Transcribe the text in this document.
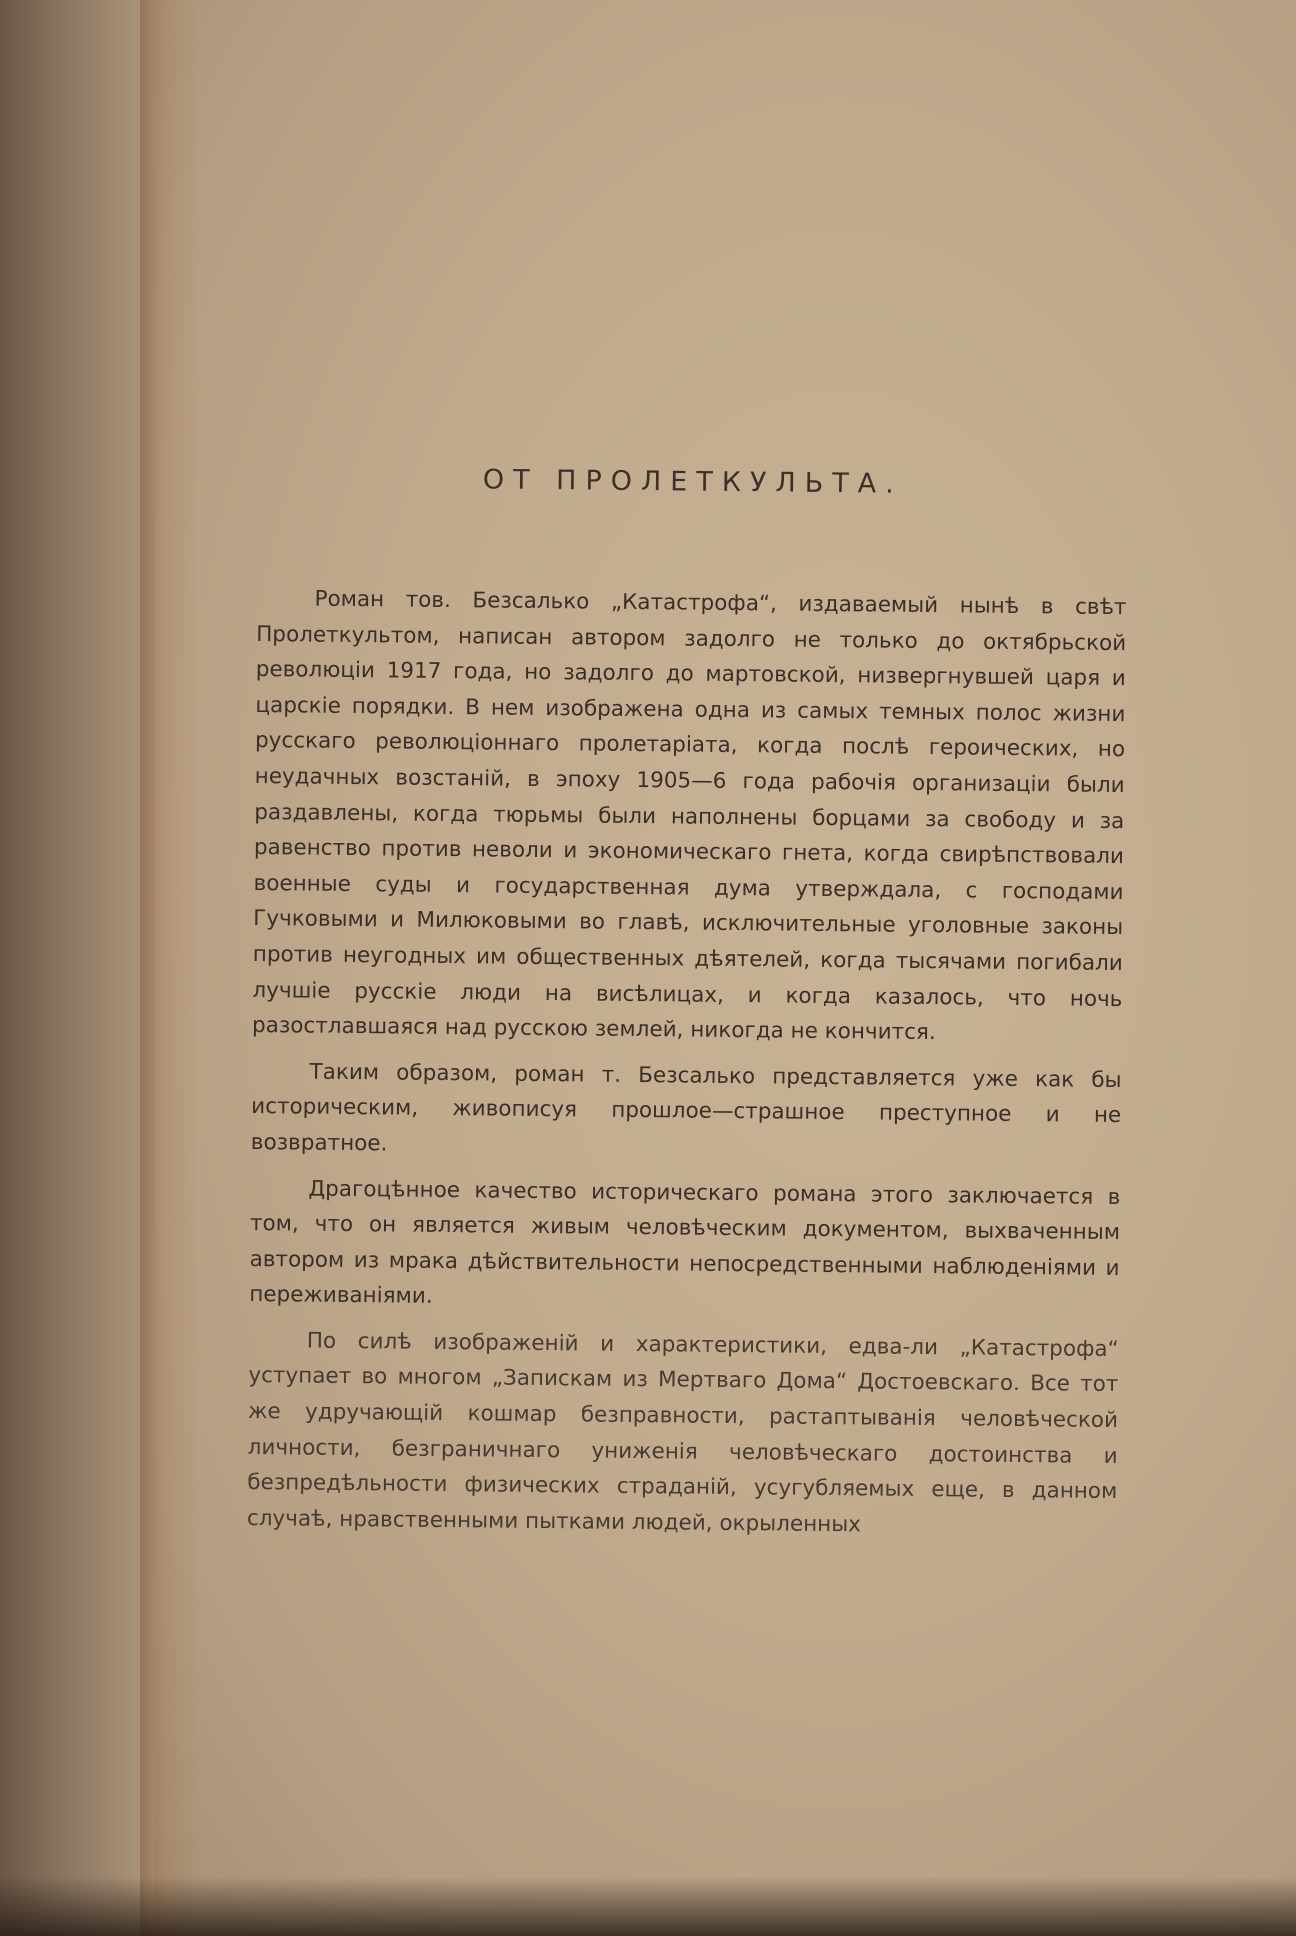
ОТ ПРОЛЕТКУЛЬТА.

Роман тов. Безсалько „Катастрофа“, издаваемый нынѣ в свѣт Пролеткультом, написан автором задолго не только до октябрьской революціи 1917 года, но задолго до мартовской, низвергнувшей царя и царскіе порядки. В нем изображена одна из самых темных полос жизни русскаго революціоннаго пролетаріата, когда послѣ героических, но неудачных возстаній, в эпоху 1905—6 года рабочія организаціи были раздавлены, когда тюрьмы были наполнены борцами за свободу и за равенство против неволи и экономическаго гнета, когда свирѣпствовали военные суды и государственная дума утверждала, с господами Гучковыми и Милюковыми во главѣ, исключительные уголовные законы против неугодных им общественных дѣятелей, когда тысячами погибали лучшіе русскіе люди на висѣлицах, и когда казалось, что ночь разостлавшаяся над русскою землей, никогда не кончится.

Таким образом, роман т. Безсалько представляется уже как бы историческим, живописуя прошлое—страшное преступное и не возвратное.

Драгоцѣнное качество историческаго романа этого заключается в том, что он является живым человѣческим документом, выхваченным автором из мрака дѣйствительности непосредственными наблюденіями и переживаніями.

По силѣ изображеній и характеристики, едва-ли „Катастрофа“ уступает во многом „Запискам из Мертваго Дома“ Достоевскаго. Все тот же удручающій кошмар безправности, растаптыванія человѣческой личности, безграничнаго униженія человѣческаго достоинства и безпредѣльности физических страданій, усугубляемых еще, в данном случаѣ, нравственными пытками людей, окрыленных
